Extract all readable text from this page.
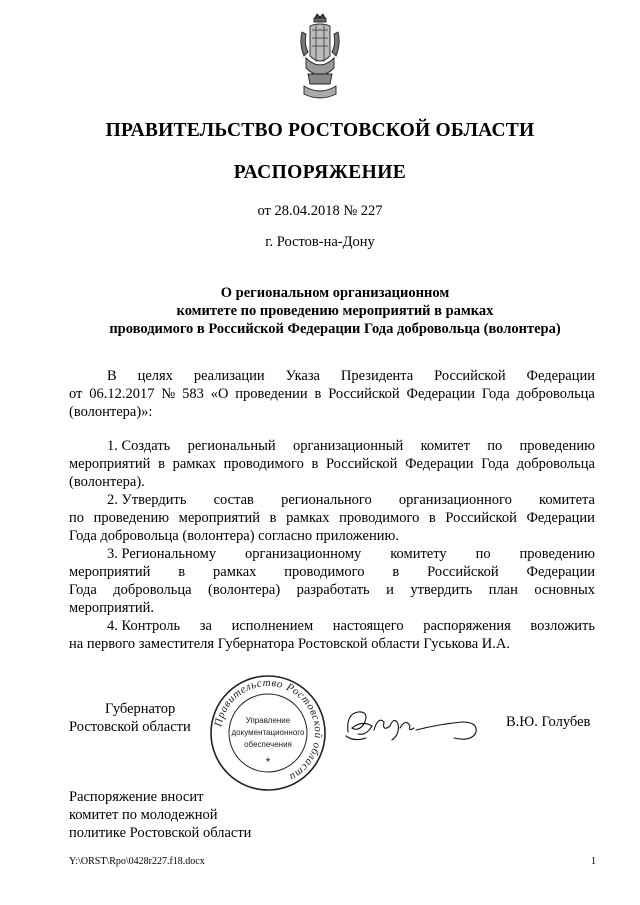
ПРАВИТЕЛЬСТВО РОСТОВСКОЙ ОБЛАСТИ
РАСПОРЯЖЕНИЕ
от 28.04.2018 № 227
г. Ростов-на-Дону
О региональном организационном
комитете по проведению мероприятий в рамках
проводимого в Российской Федерации Года добровольца (волонтера)
В целях реализации Указа Президента Российской Федерации
от 06.12.2017 № 583 «О проведении в Российской Федерации Года добровольца
(волонтера)»:
1. Создать региональный организационный комитет по проведению
мероприятий в рамках проводимого в Российской Федерации Года добровольца
(волонтера).
2. Утвердить состав регионального организационного комитета
по проведению мероприятий в рамках проводимого в Российской Федерации
Года добровольца (волонтера) согласно приложению.
3. Региональному организационному комитету по проведению
мероприятий в рамках проводимого в Российской Федерации
Года добровольца (волонтера) разработать и утвердить план основных
мероприятий.
4. Контроль за исполнением настоящего распоряжения возложить
на первого заместителя Губернатора Ростовской области Гуськова И.А.
Губернатор
Ростовской области Правительство Ростовской области
Управление
документационного
обеспечения
*
В.Ю. Голубев
Распоряжение вносит
комитет по молодежной
политике Ростовской области
Y:\ORST\Rpo\0428r227.f18.docx	1
